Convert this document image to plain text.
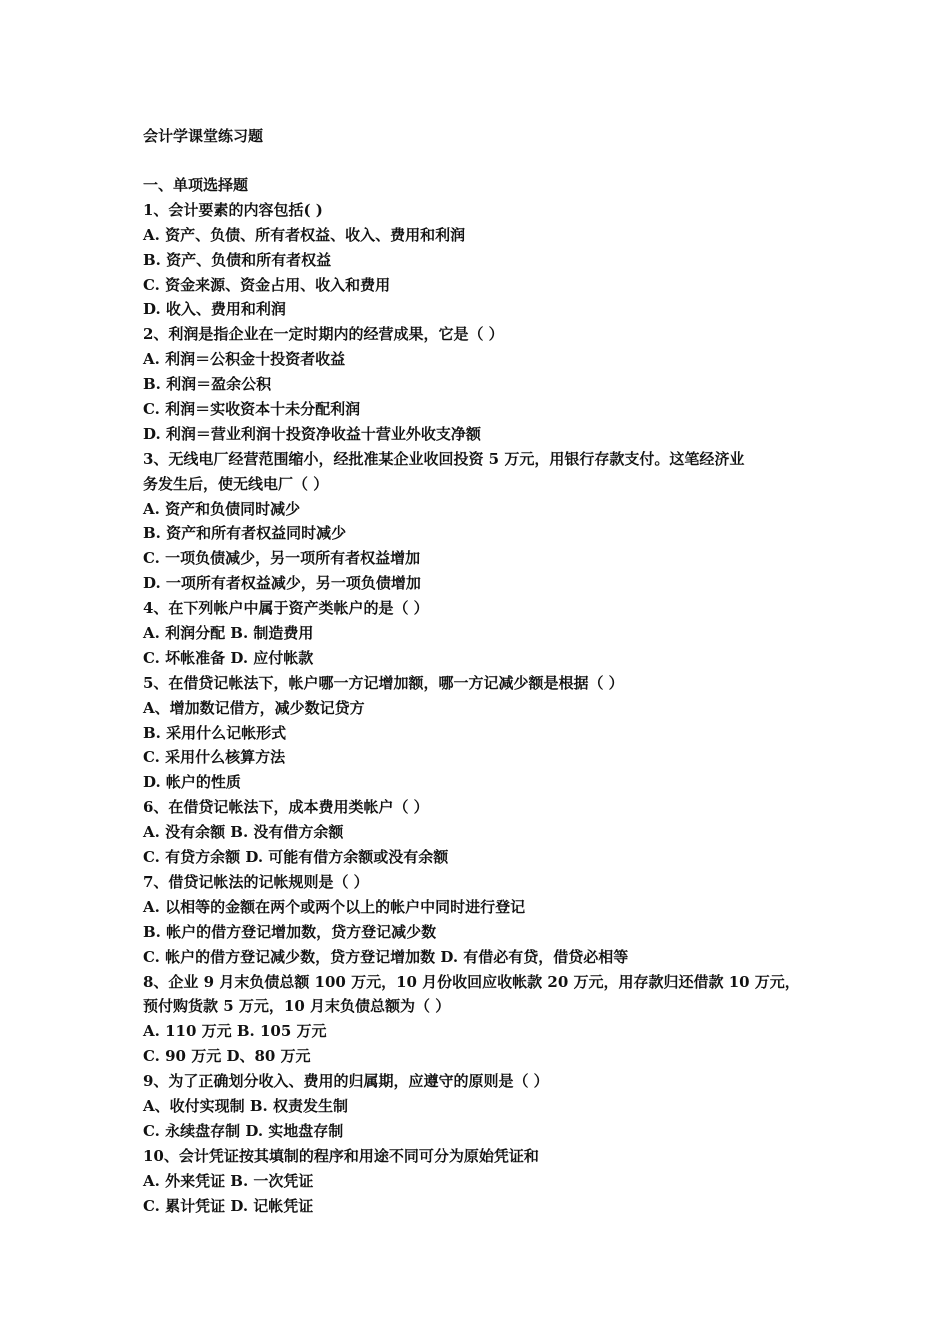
会计学课堂练习题

一、单项选择题

1、会计要素的内容包括( )

A. 资产、负债、所有者权益、收入、费用和利润

B. 资产、负债和所有者权益

C. 资金来源、资金占用、收入和费用

D. 收入、费用和利润

2、利润是指企业在一定时期内的经营成果，它是（ ）

A. 利润＝公积金十投资者收益

B. 利润＝盈余公积

C. 利润＝实收资本十未分配利润

D. 利润＝营业利润十投资净收益十营业外收支净额

3、无线电厂经营范围缩小，经批准某企业收回投资 5 万元，用银行存款支付。这笔经济业

务发生后，使无线电厂（ ）

A. 资产和负债同时减少

B. 资产和所有者权益同时减少

C. 一项负债减少，另一项所有者权益增加

D. 一项所有者权益减少，另一项负债增加

4、在下列帐户中属于资产类帐户的是（ ）

A. 利润分配 B. 制造费用

C. 坏帐准备 D. 应付帐款

5、在借贷记帐法下，帐户哪一方记增加额，哪一方记减少额是根据（ ）

A、增加数记借方，减少数记贷方

B. 采用什么记帐形式

C. 采用什么核算方法

D. 帐户的性质

6、在借贷记帐法下，成本费用类帐户（ ）

A. 没有余额 B. 没有借方余额

C. 有贷方余额 D. 可能有借方余额或没有余额

7、借贷记帐法的记帐规则是（ ）

A. 以相等的金额在两个或两个以上的帐户中同时进行登记

B. 帐户的借方登记增加数，贷方登记减少数

C. 帐户的借方登记减少数，贷方登记增加数 D. 有借必有贷，借贷必相等

8、企业 9 月末负债总额 100 万元，10 月份收回应收帐款 20 万元，用存款归还借款 10 万元，

预付购货款 5 万元，10 月末负债总额为（ ）

A. 110 万元 B. 105 万元

C. 90 万元 D、80 万元

9、为了正确划分收入、费用的归属期，应遵守的原则是（ ）

A、收付实现制 B. 权责发生制

C. 永续盘存制 D. 实地盘存制

10、会计凭证按其填制的程序和用途不同可分为原始凭证和

A. 外来凭证 B. 一次凭证

C. 累计凭证 D. 记帐凭证
